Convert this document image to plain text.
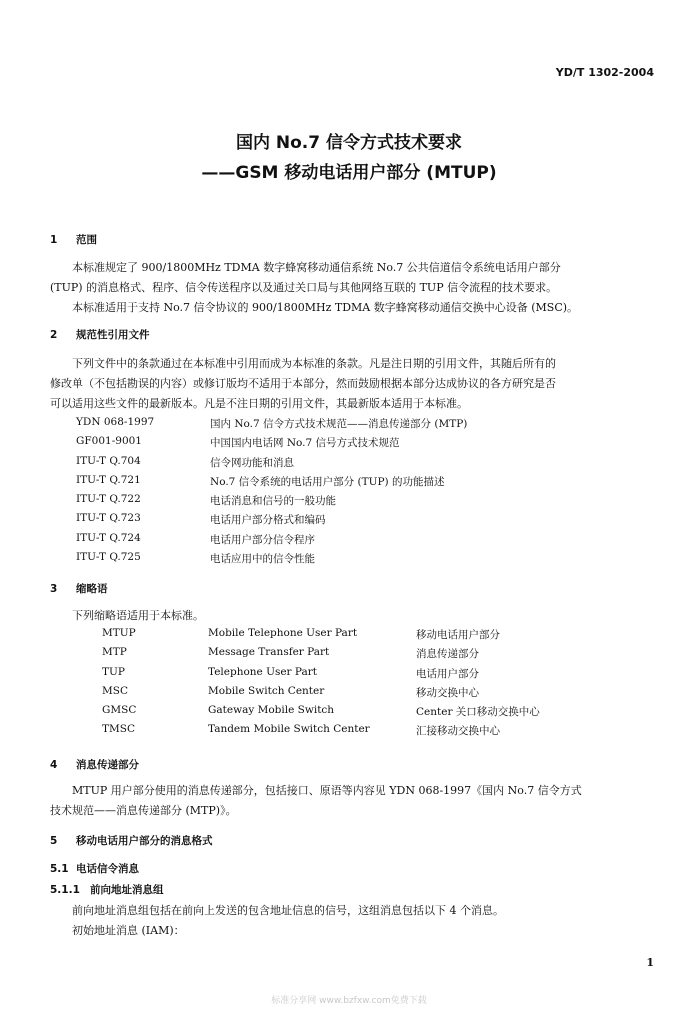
YD/T 1302-2004
国内 No.7 信令方式技术要求
——GSM 移动电话用户部分 (MTUP)
1 范围

本标准规定了 900/1800MHz TDMA 数字蜂窝移动通信系统 No.7 公共信道信令系统电话用户部分

(TUP) 的消息格式、程序、信令传送程序以及通过关口局与其他网络互联的 TUP 信令流程的技术要求。

本标准适用于支持 No.7 信令协议的 900/1800MHz TDMA 数字蜂窝移动通信交换中心设备 (MSC)。

2 规范性引用文件

下列文件中的条款通过在本标准中引用而成为本标准的条款。凡是注日期的引用文件，其随后所有的

修改单（不包括勘误的内容）或修订版均不适用于本部分，然而鼓励根据本部分达成协议的各方研究是否

可以适用这些文件的最新版本。凡是不注日期的引用文件，其最新版本适用于本标准。

YDN 068-1997	国内 No.7 信令方式技术规范——消息传递部分 (MTP)
GF001-9001	中国国内电话网 No.7 信号方式技术规范
ITU-T Q.704	信令网功能和消息
ITU-T Q.721	No.7 信令系统的电话用户部分 (TUP) 的功能描述
ITU-T Q.722	电话消息和信号的一般功能
ITU-T Q.723	电话用户部分格式和编码
ITU-T Q.724	电话用户部分信令程序
ITU-T Q.725	电话应用中的信令性能
3 缩略语

下列缩略语适用于本标准。

MTUP	Mobile Telephone User Part	移动电话用户部分
MTP	Message Transfer Part	消息传递部分
TUP	Telephone User Part	电话用户部分
MSC	Mobile Switch Center	移动交换中心
GMSC	Gateway Mobile Switch	Center 关口移动交换中心
TMSC	Tandem Mobile Switch Center	汇接移动交换中心
4 消息传递部分

MTUP 用户部分使用的消息传递部分，包括接口、原语等内容见 YDN 068-1997《国内 No.7 信令方式

技术规范——消息传递部分 (MTP)》。

5 移动电话用户部分的消息格式
5.1 电话信令消息
5.1.1 前向地址消息组

前向地址消息组包括在前向上发送的包含地址信息的信号，这组消息包括以下 4 个消息。

初始地址消息 (IAM)：

1
标准分享网 www.bzfxw.com免费下载
